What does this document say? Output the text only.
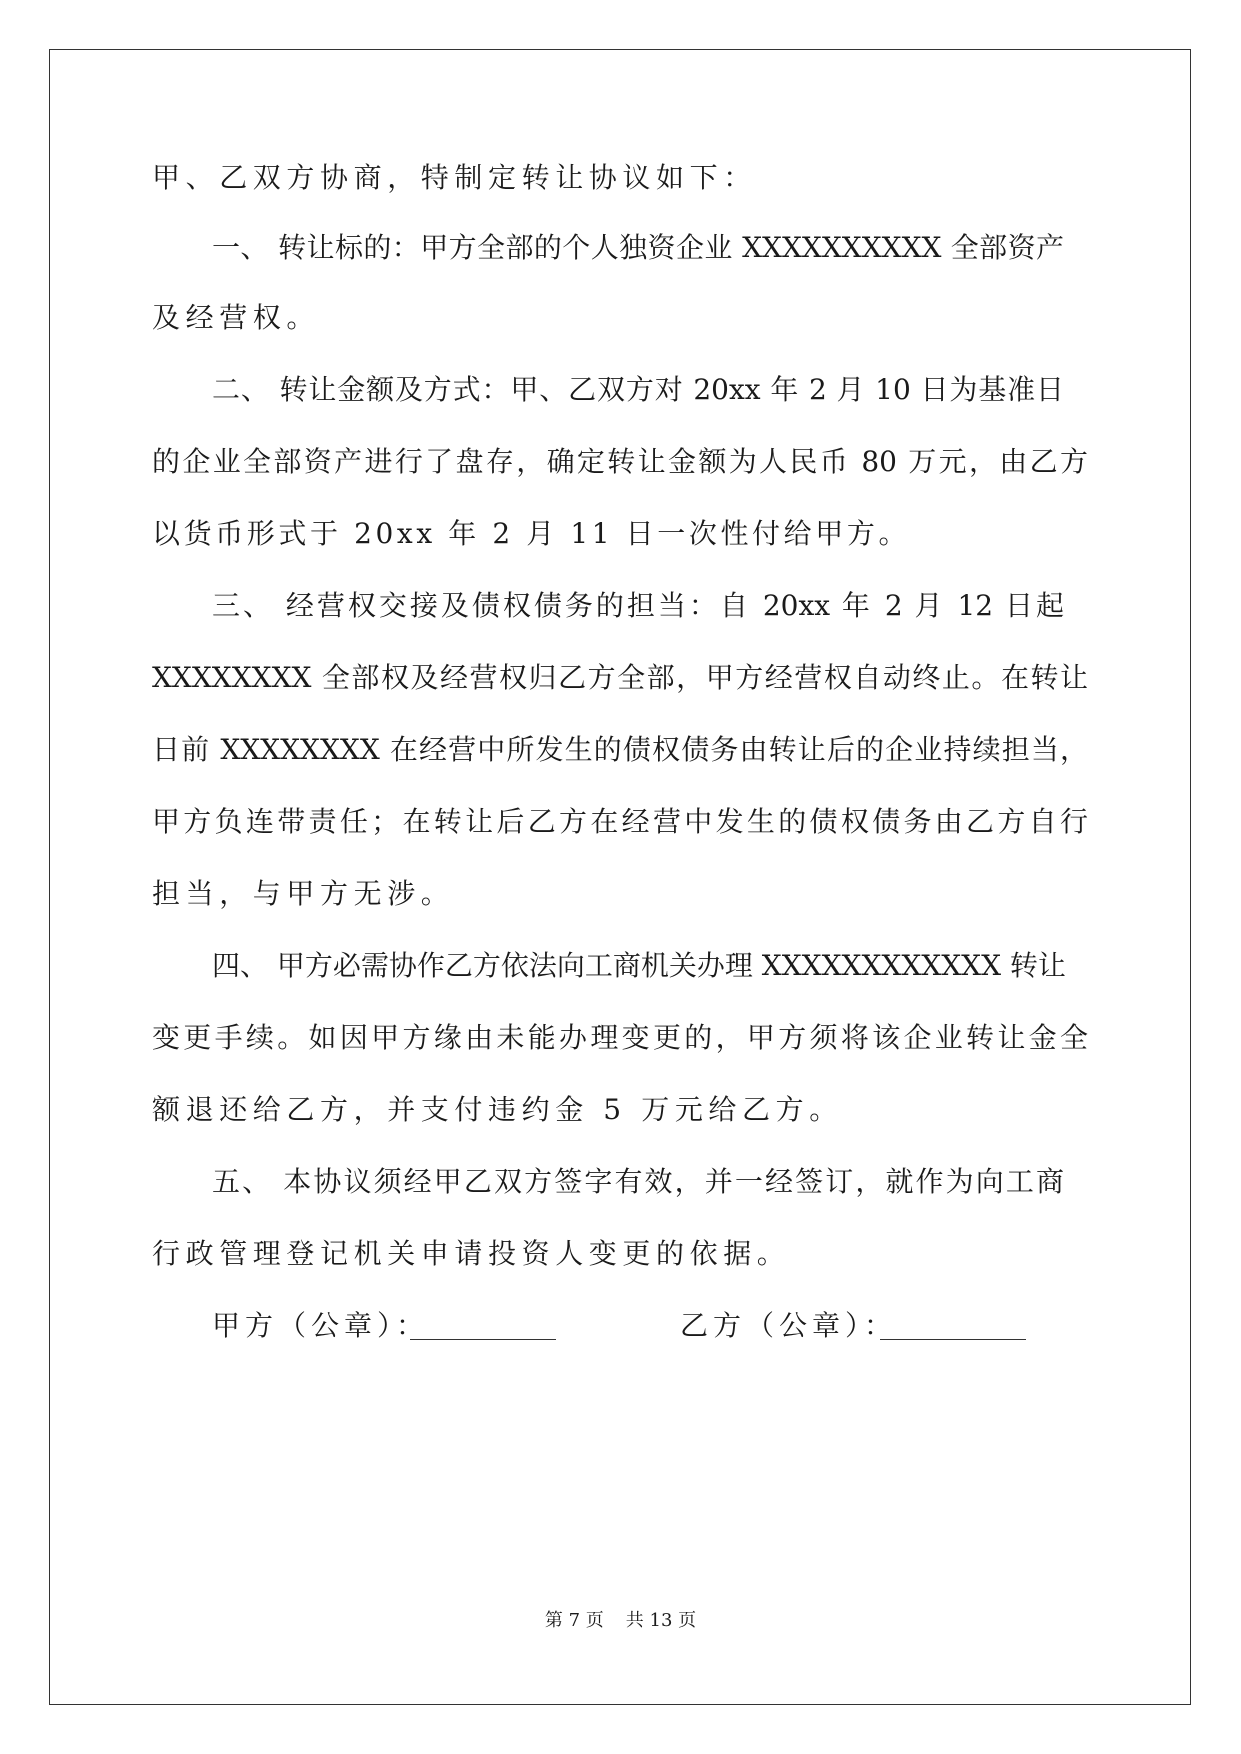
甲、乙双方协商，特制定转让协议如下：
一、 转让标的：甲方全部的个人独资企业 XXXXXXXXXX 全部资产
及经营权。
二、 转让金额及方式：甲、乙双方对 20xx 年 2 月 10 日为基准日
的企业全部资产进行了盘存，确定转让金额为人民币 80 万元，由乙方
以货币形式于 20xx 年 2 月 11 日一次性付给甲方。
三、 经营权交接及债权债务的担当：自 20xx 年 2 月 12 日起
XXXXXXXX 全部权及经营权归乙方全部，甲方经营权自动终止。在转让
日前 XXXXXXXX 在经营中所发生的债权债务由转让后的企业持续担当，
甲方负连带责任；在转让后乙方在经营中发生的债权债务由乙方自行
担当，与甲方无涉。
四、 甲方必需协作乙方依法向工商机关办理 XXXXXXXXXXXX 转让
变更手续。如因甲方缘由未能办理变更的，甲方须将该企业转让金全
额退还给乙方，并支付违约金 5 万元给乙方。
五、 本协议须经甲乙双方签字有效，并一经签订，就作为向工商
行政管理登记机关申请投资人变更的依据。
甲方（公章）：	乙方（公章）：
第 7 页 共 13 页
